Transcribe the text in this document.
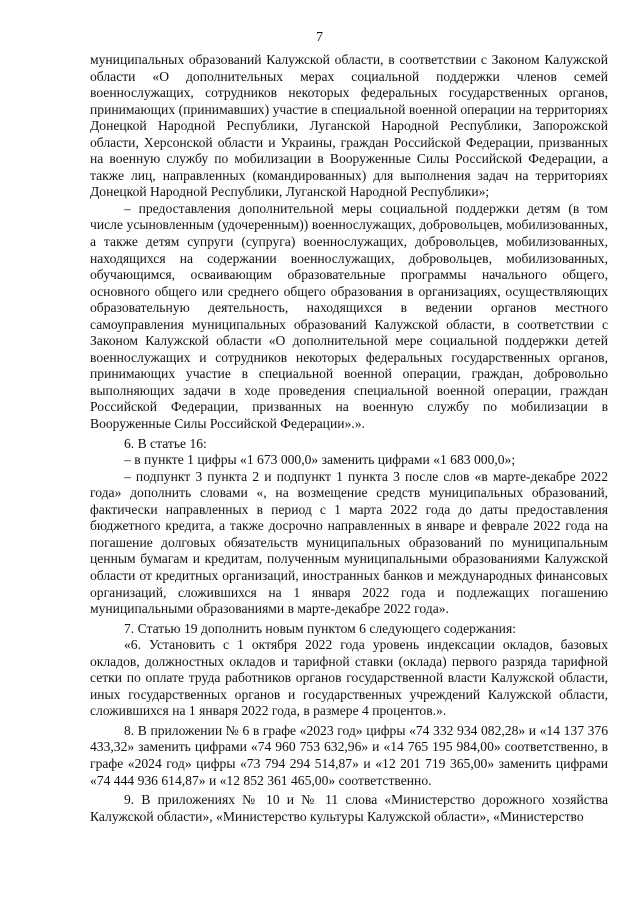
7

муниципальных образований Калужской области, в соответствии с Законом Калужской области «О дополнительных мерах социальной поддержки членов семей военнослужащих, сотрудников некоторых федеральных государственных органов, принимающих (принимавших) участие в специальной военной операции на территориях Донецкой Народной Республики, Луганской Народной Республики, Запорожской области, Херсонской области и Украины, граждан Российской Федерации, призванных на военную службу по мобилизации в Вооруженные Силы Российской Федерации, а также лиц, направленных (командированных) для выполнения задач на территориях Донецкой Народной Республики, Луганской Народной Республики»;

– предоставления дополнительной меры социальной поддержки детям (в том числе усыновленным (удочеренным)) военнослужащих, добровольцев, мобилизованных, а также детям супруги (супруга) военнослужащих, добровольцев, мобилизованных, находящихся на содержании военнослужащих, добровольцев, мобилизованных, обучающимся, осваивающим образовательные программы начального общего, основного общего или среднего общего образования в организациях, осуществляющих образовательную деятельность, находящихся в ведении органов местного самоуправления муниципальных образований Калужской области, в соответствии с Законом Калужской области «О дополнительной мере социальной поддержки детей военнослужащих и сотрудников некоторых федеральных государственных органов, принимающих участие в специальной военной операции, граждан, добровольно выполняющих задачи в ходе проведения специальной военной операции, граждан Российской Федерации, призванных на военную службу по мобилизации в Вооруженные Силы Российской Федерации».».

6. В статье 16:

– в пункте 1 цифры «1 673 000,0» заменить цифрами «1 683 000,0»;

– подпункт 3 пункта 2 и подпункт 1 пункта 3 после слов «в марте-декабре 2022 года» дополнить словами «, на возмещение средств муниципальных образований, фактически направленных в период с 1 марта 2022 года до даты предоставления бюджетного кредита, а также досрочно направленных в январе и феврале 2022 года на погашение долговых обязательств муниципальных образований по муниципальным ценным бумагам и кредитам, полученным муниципальными образованиями Калужской области от кредитных организаций, иностранных банков и международных финансовых организаций, сложившихся на 1 января 2022 года и подлежащих погашению муниципальными образованиями в марте-декабре 2022 года».

7. Статью 19 дополнить новым пунктом 6 следующего содержания:

«6. Установить с 1 октября 2022 года уровень индексации окладов, базовых окладов, должностных окладов и тарифной ставки (оклада) первого разряда тарифной сетки по оплате труда работников органов государственной власти Калужской области, иных государственных органов и государственных учреждений Калужской области, сложившихся на 1 января 2022 года, в размере 4 процентов.».

8. В приложении № 6 в графе «2023 год» цифры «74 332 934 082,28» и «14 137 376 433,32» заменить цифрами «74 960 753 632,96» и «14 765 195 984,00» соответственно, в графе «2024 год» цифры «73 794 294 514,87» и «12 201 719 365,00» заменить цифрами «74 444 936 614,87» и «12 852 361 465,00» соответственно.

9. В приложениях № 10 и № 11 слова «Министерство дорожного хозяйства Калужской области», «Министерство культуры Калужской области», «Министерство
